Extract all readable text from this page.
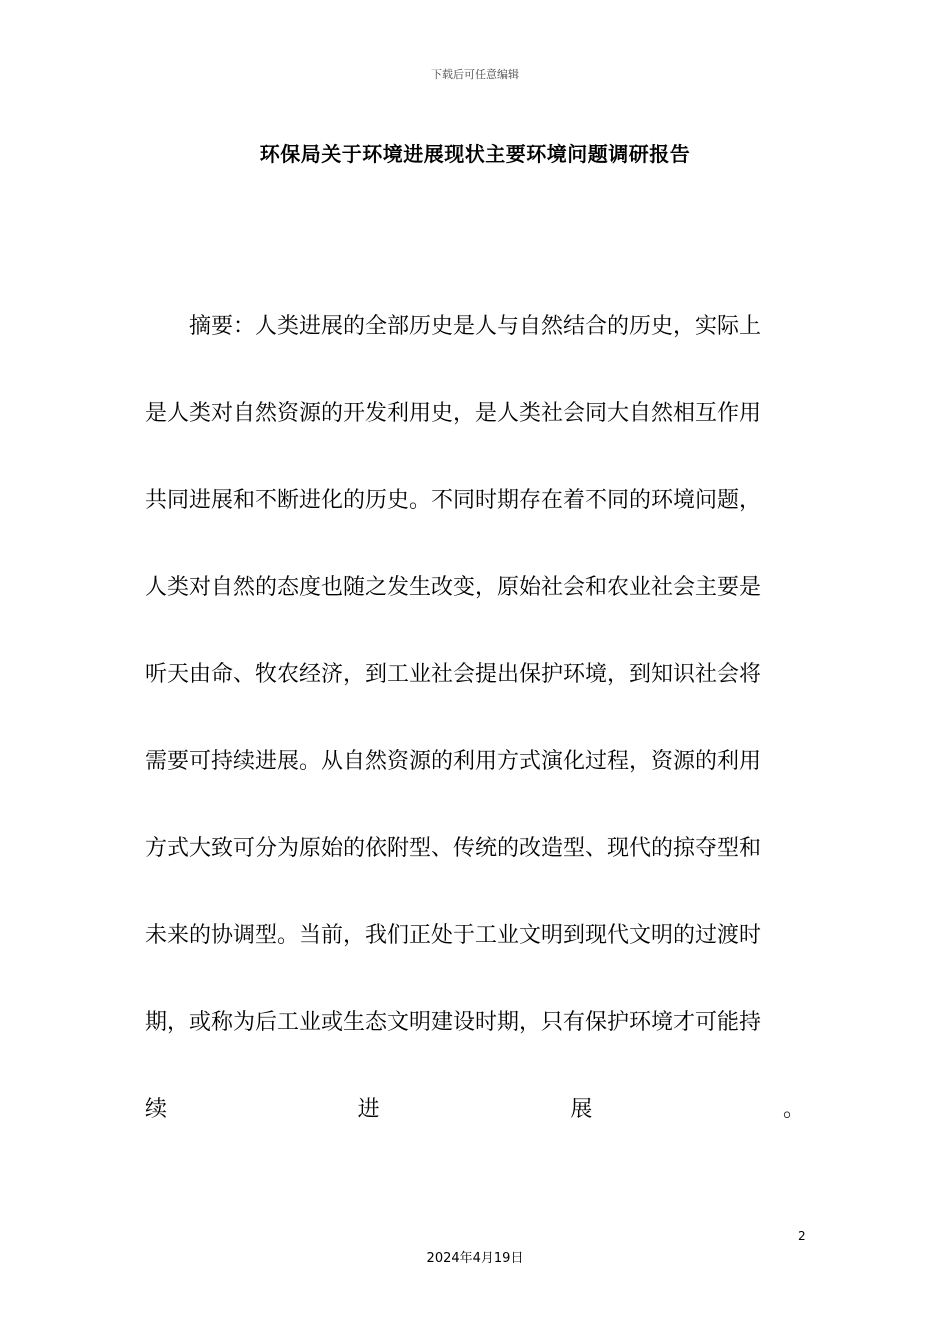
下载后可任意编辑
环保局关于环境进展现状主要环境问题调研报告
　　摘要：人类进展的全部历史是人与自然结合的历史，实际上
是人类对自然资源的开发利用史，是人类社会同大自然相互作用
共同进展和不断进化的历史。不同时期存在着不同的环境问题，
人类对自然的态度也随之发生改变，原始社会和农业社会主要是
听天由命、牧农经济，到工业社会提出保护环境，到知识社会将
需要可持续进展。从自然资源的利用方式演化过程，资源的利用
方式大致可分为原始的依附型、传统的改造型、现代的掠夺型和
未来的协调型。当前，我们正处于工业文明到现代文明的过渡时
期，或称为后工业或生态文明建设时期，只有保护环境才可能持
续	进	展	。
2
2024年4月19日
